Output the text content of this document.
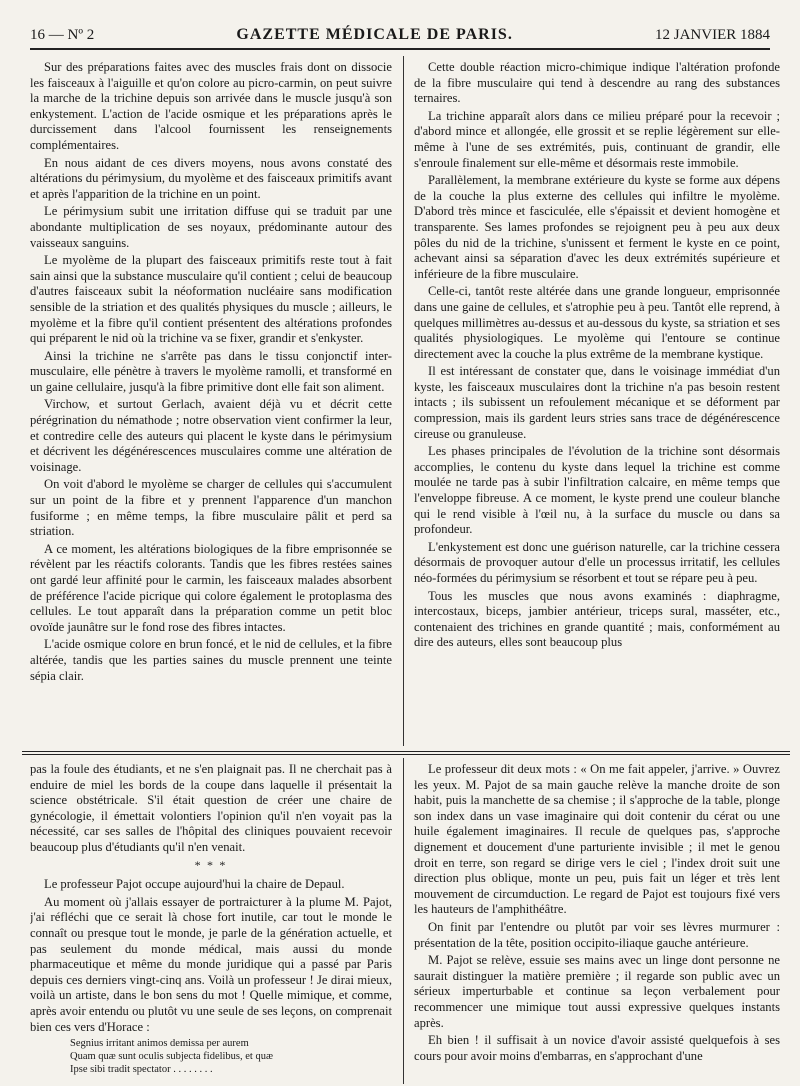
16 — Nº 2	GAZETTE MÉDICALE DE PARIS.	12 JANVIER 1884

Sur des préparations faites avec des muscles frais dont on dissocie les faisceaux à l'aiguille et qu'on colore au picro-carmin, on peut suivre la marche de la trichine depuis son arrivée dans le muscle jusqu'à son enkystement. L'action de l'acide osmique et les préparations après le durcissement dans l'alcool fournissent les renseignements complémentaires.

En nous aidant de ces divers moyens, nous avons constaté des altérations du périmysium, du myolème et des faisceaux primitifs avant et après l'apparition de la trichine en un point.

Le périmysium subit une irritation diffuse qui se traduit par une abondante multiplication de ses noyaux, prédominante autour des vaisseaux sanguins.

Le myolème de la plupart des faisceaux primitifs reste tout à fait sain ainsi que la substance musculaire qu'il contient ; celui de beaucoup d'autres faisceaux subit la néoformation nucléaire sans modification sensible de la striation et des qualités physiques du muscle ; ailleurs, le myolème et la fibre qu'il contient présentent des altérations profondes qui préparent le nid où la trichine va se fixer, grandir et s'enkyster.

Ainsi la trichine ne s'arrête pas dans le tissu conjonctif inter-musculaire, elle pénètre à travers le myolème ramolli, et transformé en un gaine cellulaire, jusqu'à la fibre primitive dont elle fait son aliment.

Virchow, et surtout Gerlach, avaient déjà vu et décrit cette pérégrination du némathode ; notre observation vient confirmer la leur, et contredire celle des auteurs qui placent le kyste dans le périmysium et décrivent les dégénérescences musculaires comme une altération de voisinage.

On voit d'abord le myolème se charger de cellules qui s'accumulent sur un point de la fibre et y prennent l'apparence d'un manchon fusiforme ; en même temps, la fibre musculaire pâlit et perd sa striation.

A ce moment, les altérations biologiques de la fibre emprisonnée se révèlent par les réactifs colorants. Tandis que les fibres restées saines ont gardé leur affinité pour le carmin, les faisceaux malades absorbent de préférence l'acide picrique qui colore également le protoplasma des cellules. Le tout apparaît dans la préparation comme un petit bloc ovoïde jaunâtre sur le fond rose des fibres intactes.

L'acide osmique colore en brun foncé, et le nid de cellules, et la fibre altérée, tandis que les parties saines du muscle prennent une teinte sépia clair.

Cette double réaction micro-chimique indique l'altération profonde de la fibre musculaire qui tend à descendre au rang des substances ternaires.

La trichine apparaît alors dans ce milieu préparé pour la recevoir ; d'abord mince et allongée, elle grossit et se replie légèrement sur elle-même à l'une de ses extrémités, puis, continuant de grandir, elle s'enroule finalement sur elle-même et désormais reste immobile.

Parallèlement, la membrane extérieure du kyste se forme aux dépens de la couche la plus externe des cellules qui infiltre le myolème. D'abord très mince et fasciculée, elle s'épaissit et devient homogène et transparente. Ses lames profondes se rejoignent peu à peu aux deux pôles du nid de la trichine, s'unissent et ferment le kyste en ce point, achevant ainsi sa séparation d'avec les deux extrémités supérieure et inférieure de la fibre musculaire.

Celle-ci, tantôt reste altérée dans une grande longueur, emprisonnée dans une gaine de cellules, et s'atrophie peu à peu. Tantôt elle reprend, à quelques millimètres au-dessus et au-dessous du kyste, sa striation et ses qualités physiologiques. Le myolème qui l'entoure se continue directement avec la couche la plus extrême de la membrane kystique.

Il est intéressant de constater que, dans le voisinage immédiat d'un kyste, les faisceaux musculaires dont la trichine n'a pas besoin restent intacts ; ils subissent un refoulement mécanique et se déforment par compression, mais ils gardent leurs stries sans trace de dégénérescence cireuse ou granuleuse.

Les phases principales de l'évolution de la trichine sont désormais accomplies, le contenu du kyste dans lequel la trichine est comme moulée ne tarde pas à subir l'infiltration calcaire, en même temps que l'enveloppe fibreuse. A ce moment, le kyste prend une couleur blanche qui le rend visible à l'œil nu, à la surface du muscle ou dans sa profondeur.

L'enkystement est donc une guérison naturelle, car la trichine cessera désormais de provoquer autour d'elle un processus irritatif, les cellules néo-formées du périmysium se résorbent et tout se répare peu à peu.

Tous les muscles que nous avons examinés : diaphragme, intercostaux, biceps, jambier antérieur, triceps sural, masséter, etc., contenaient des trichines en grande quantité ; mais, conformément au dire des auteurs, elles sont beaucoup plus

pas la foule des étudiants, et ne s'en plaignait pas. Il ne cherchait pas à enduire de miel les bords de la coupe dans laquelle il présentait la science obstétricale. S'il était question de créer une chaire de gynécologie, il émettait volontiers l'opinion qu'il n'en voyait pas la nécessité, car ses salles de l'hôpital des cliniques pouvaient recevoir beaucoup plus d'étudiants qu'il n'en venait.

* * *

Le professeur Pajot occupe aujourd'hui la chaire de Depaul.

Au moment où j'allais essayer de portraicturer à la plume M. Pajot, j'ai réfléchi que ce serait là chose fort inutile, car tout le monde le connaît ou presque tout le monde, je parle de la génération actuelle, et pas seulement du monde médical, mais aussi du monde pharmaceutique et même du monde juridique qui a passé par Paris depuis ces derniers vingt-cinq ans. Voilà un professeur ! Je dirai mieux, voilà un artiste, dans le bon sens du mot ! Quelle mimique, et comme, après avoir entendu ou plutôt vu une seule de ses leçons, on comprenait bien ces vers d'Horace :

Segnius irritant animos demissa per aurem
Quam quæ sunt oculis subjecta fidelibus, et quæ
Ipse sibi tradit spectator . . . . . . . .

Le professeur dit deux mots : « On me fait appeler, j'arrive. » Ouvrez les yeux. M. Pajot de sa main gauche relève la manche droite de son habit, puis la manchette de sa chemise ; il s'approche de la table, plonge son index dans un vase imaginaire qui doit contenir du cérat ou une huile également imaginaires. Il recule de quelques pas, s'approche dignement et doucement d'une parturiente invisible ; il met le genou droit en terre, son regard se dirige vers le ciel ; l'index droit suit une direction plus oblique, monte un peu, puis fait un léger et très lent mouvement de circumduction. Le regard de Pajot est toujours fixé vers les hauteurs de l'amphithéâtre.

On finit par l'entendre ou plutôt par voir ses lèvres murmurer : présentation de la tête, position occipito-iliaque gauche antérieure.

M. Pajot se relève, essuie ses mains avec un linge dont personne ne saurait distinguer la matière première ; il regarde son public avec un sérieux imperturbable et continue sa leçon verbalement pour recommencer une mimique tout aussi expressive quelques instants après.

Eh bien ! il suffisait à un novice d'avoir assisté quelquefois à ses cours pour avoir moins d'embarras, en s'approchant d'une
